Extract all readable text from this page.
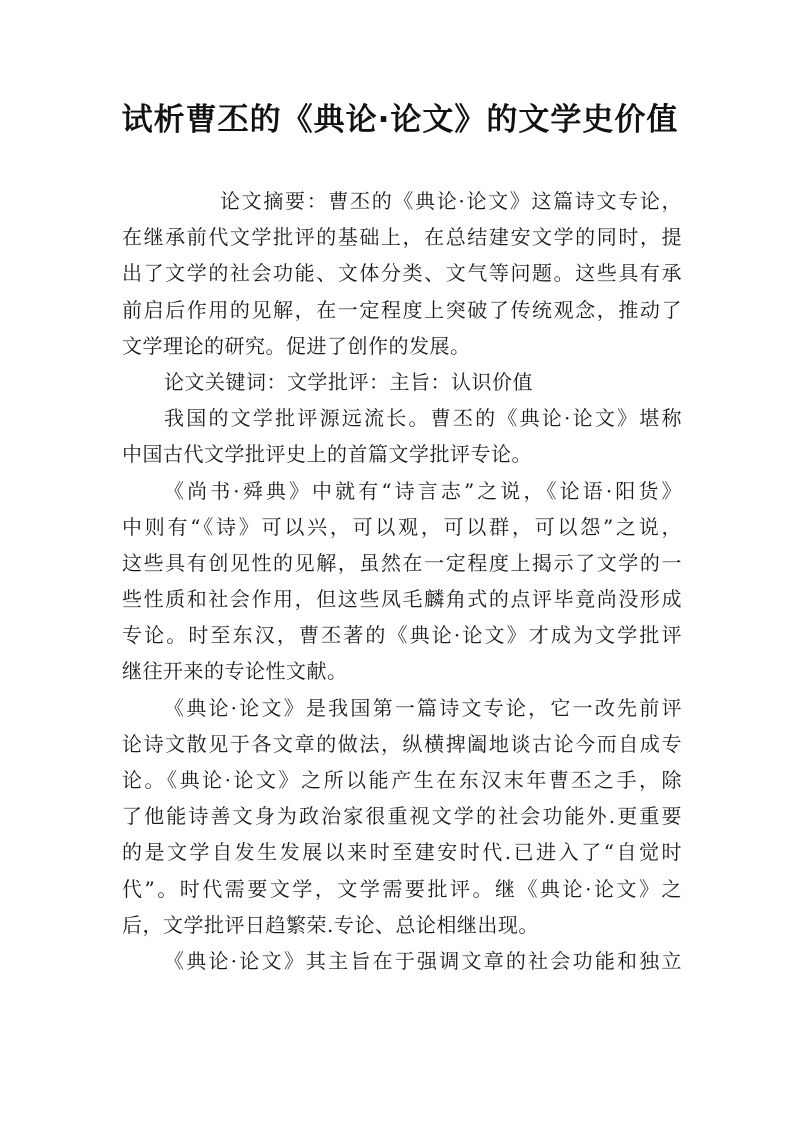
试析曹丕的《典论·论文》的文学史价值
论文摘要：曹丕的《典论·论文》这篇诗文专论，
在继承前代文学批评的基础上，在总结建安文学的同时，提
出了文学的社会功能、文体分类、文气等问题。这些具有承
前启后作用的见解，在一定程度上突破了传统观念，推动了
文学理论的研究。促进了创作的发展。
论文关键词：文学批评：主旨：认识价值
我国的文学批评源远流长。曹丕的《典论·论文》堪称
中国古代文学批评史上的首篇文学批评专论。
《尚书·舜典》中就有“诗言志”之说，《论语·阳货》
中则有“《诗》可以兴，可以观，可以群，可以怨”之说，
这些具有创见性的见解，虽然在一定程度上揭示了文学的一
些性质和社会作用，但这些凤毛麟角式的点评毕竟尚没形成
专论。时至东汉，曹丕著的《典论·论文》才成为文学批评
继往开来的专论性文献。
《典论·论文》是我国第一篇诗文专论，它一改先前评
论诗文散见于各文章的做法，纵横捭阖地谈古论今而自成专
论。《典论·论文》之所以能产生在东汉末年曹丕之手，除
了他能诗善文身为政治家很重视文学的社会功能外.更重要
的是文学自发生发展以来时至建安时代.已进入了“自觉时
代”。时代需要文学，文学需要批评。继《典论·论文》之
后，文学批评日趋繁荣.专论、总论相继出现。
《典论·论文》其主旨在于强调文章的社会功能和独立
